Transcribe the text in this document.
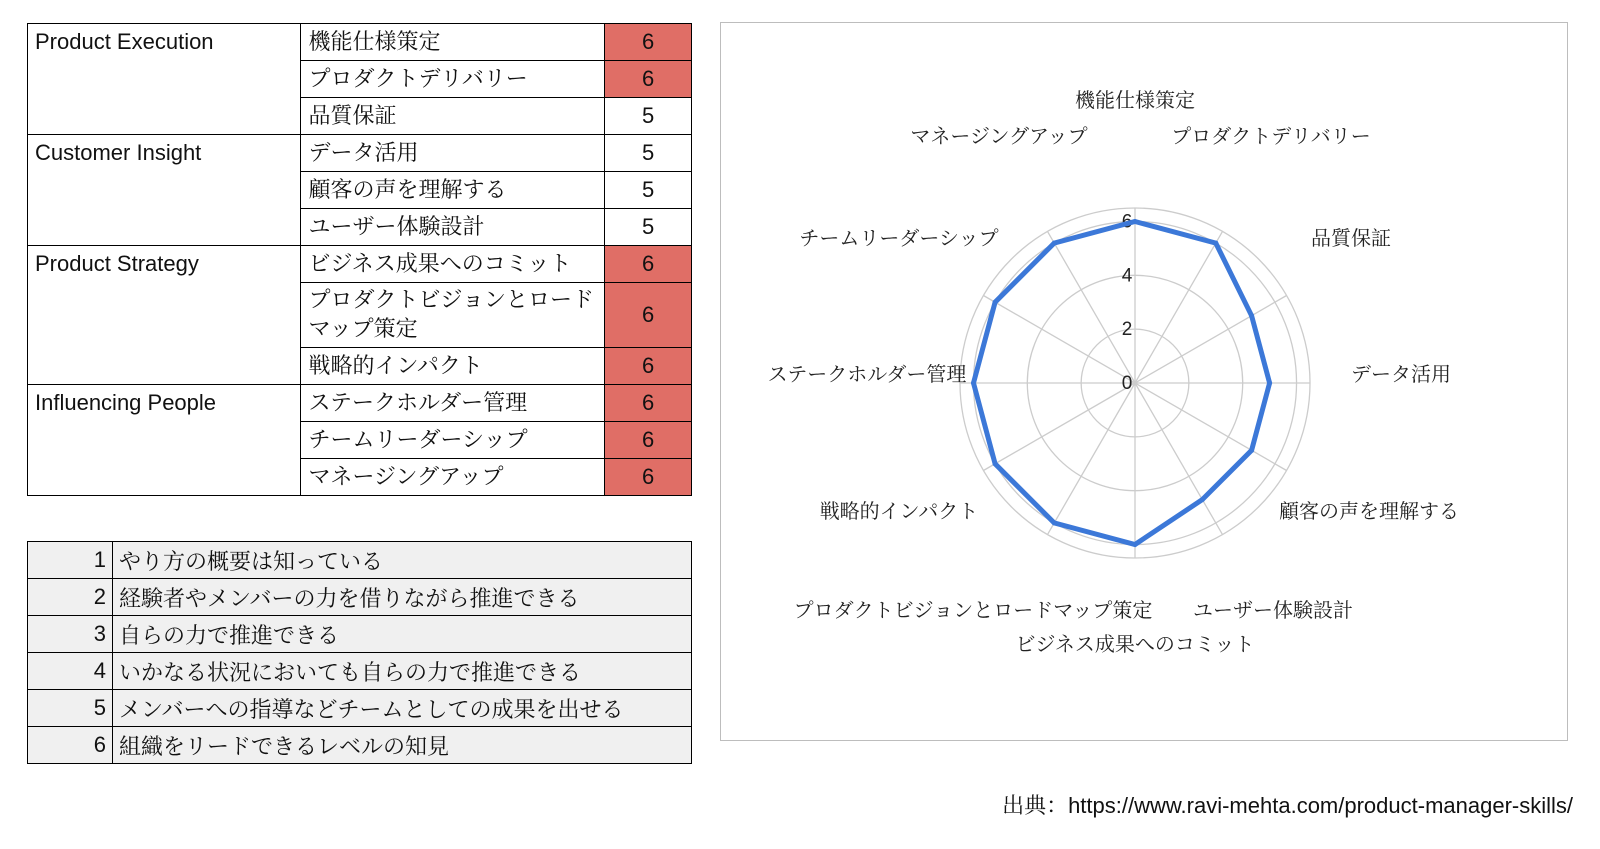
Product Execution	機能仕様策定	6
	プロダクトデリバリー	6
	品質保証	5
Customer Insight	データ活用	5
	顧客の声を理解する	5
	ユーザー体験設計	5
Product Strategy	ビジネス成果へのコミット	6
	プロダクトビジョンとロードマップ策定	6
	戦略的インパクト	6
Influencing People	ステークホルダー管理	6
	チームリーダーシップ	6
	マネージングアップ	6
1	やり方の概要は知っている
2	経験者やメンバーの力を借りながら推進できる
3	自らの力で推進できる
4	いかなる状況においても自らの力で推進できる
5	メンバーへの指導などチームとしての成果を出せる
6	組織をリードできるレベルの知見
0
2
4
6
機能仕様策定
プロダクトデリバリー
品質保証
データ活用
顧客の声を理解する
ユーザー体験設計
ビジネス成果へのコミット
プロダクトビジョンとロードマップ策定
戦略的インパクト
ステークホルダー管理
チームリーダーシップ
マネージングアップ
出典：https://www.ravi-mehta.com/product-manager-skills/
